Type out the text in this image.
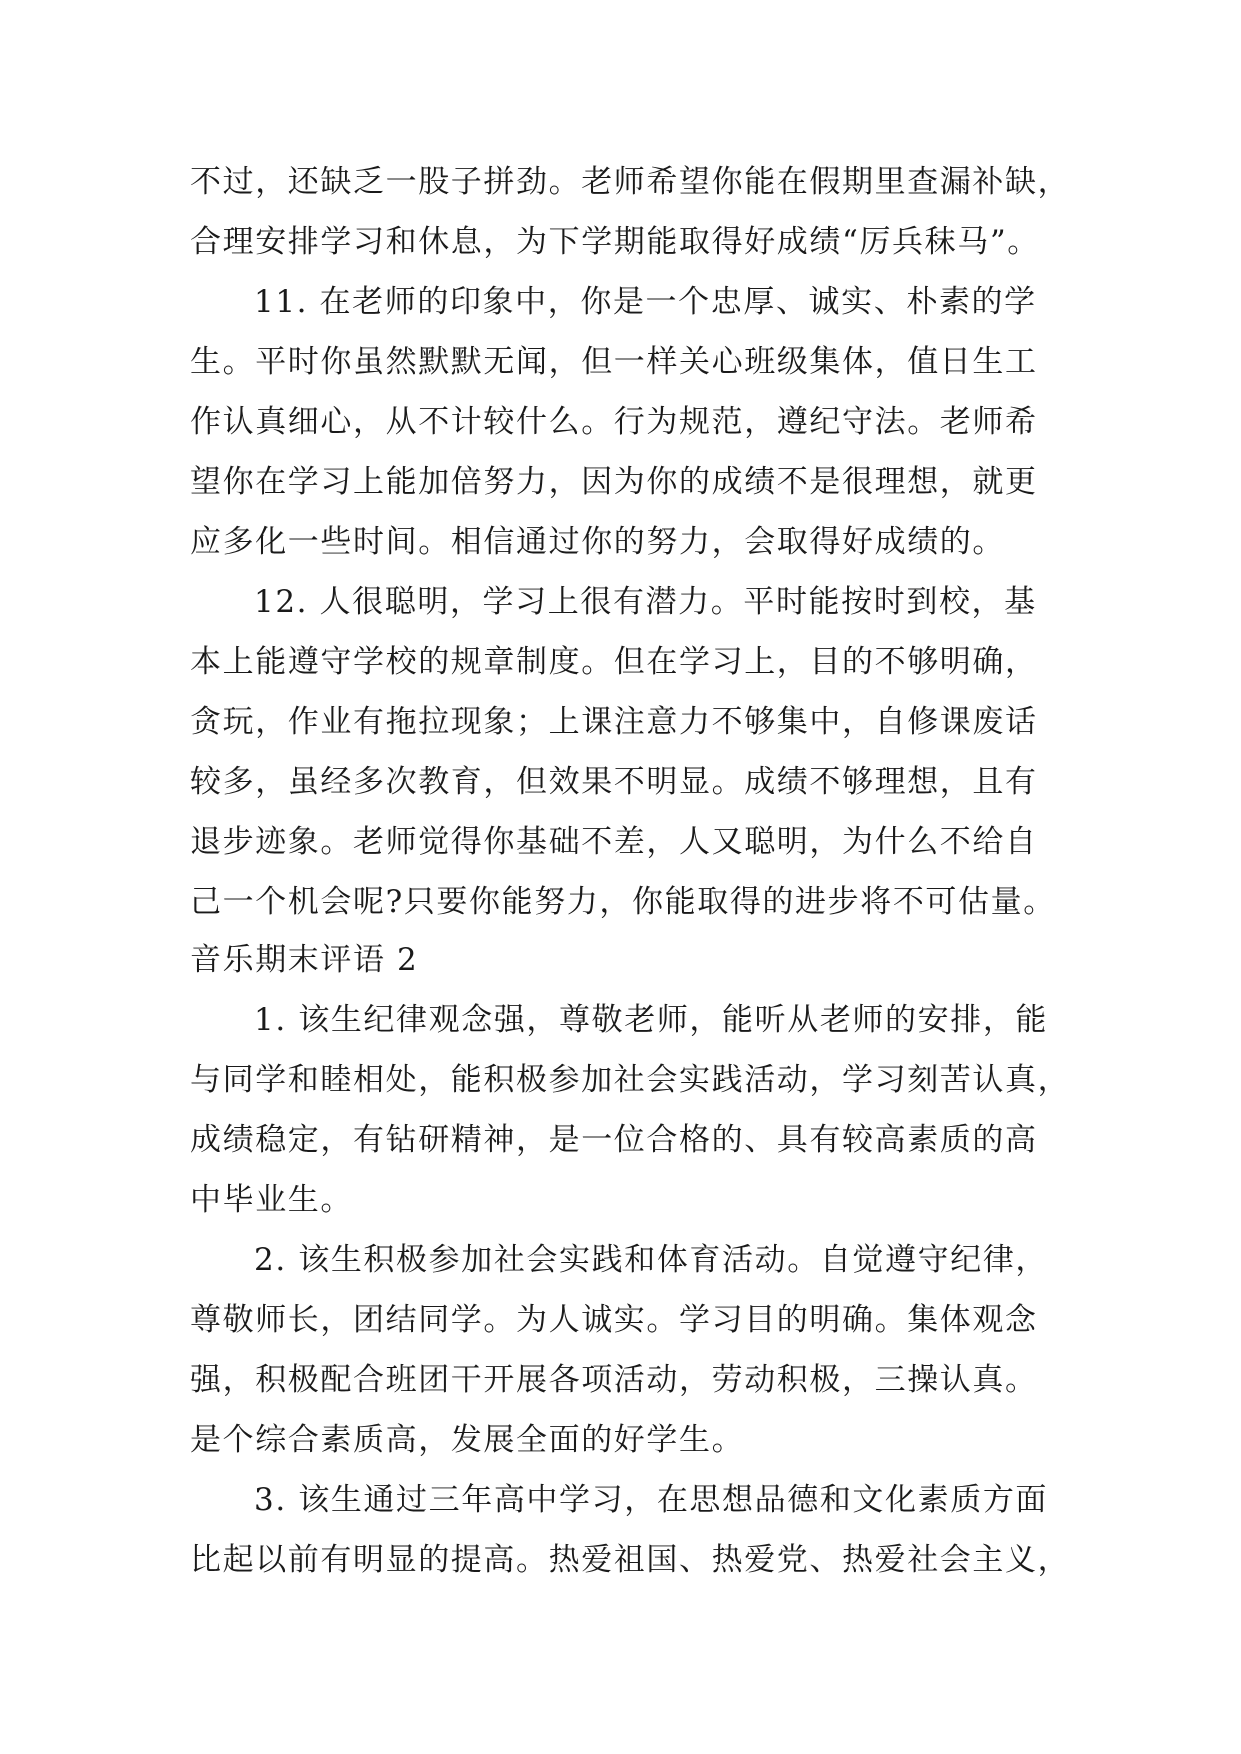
不过，还缺乏一股子拼劲。老师希望你能在假期里查漏补缺，
合理安排学习和休息，为下学期能取得好成绩“厉兵秣马”。
11. 在老师的印象中，你是一个忠厚、诚实、朴素的学
生。平时你虽然默默无闻，但一样关心班级集体，值日生工
作认真细心，从不计较什么。行为规范，遵纪守法。老师希
望你在学习上能加倍努力，因为你的成绩不是很理想，就更
应多化一些时间。相信通过你的努力，会取得好成绩的。
12. 人很聪明，学习上很有潜力。平时能按时到校，基
本上能遵守学校的规章制度。但在学习上，目的不够明确，
贪玩，作业有拖拉现象；上课注意力不够集中，自修课废话
较多，虽经多次教育，但效果不明显。成绩不够理想，且有
退步迹象。老师觉得你基础不差，人又聪明，为什么不给自
己一个机会呢?只要你能努力，你能取得的进步将不可估量。
音乐期末评语 2
1. 该生纪律观念强，尊敬老师，能听从老师的安排，能
与同学和睦相处，能积极参加社会实践活动，学习刻苦认真，
成绩稳定，有钻研精神，是一位合格的、具有较高素质的高
中毕业生。
2. 该生积极参加社会实践和体育活动。自觉遵守纪律，
尊敬师长，团结同学。为人诚实。学习目的明确。集体观念
强，积极配合班团干开展各项活动，劳动积极，三操认真。
是个综合素质高，发展全面的好学生。
3. 该生通过三年高中学习，在思想品德和文化素质方面
比起以前有明显的提高。热爱祖国、热爱党、热爱社会主义，
